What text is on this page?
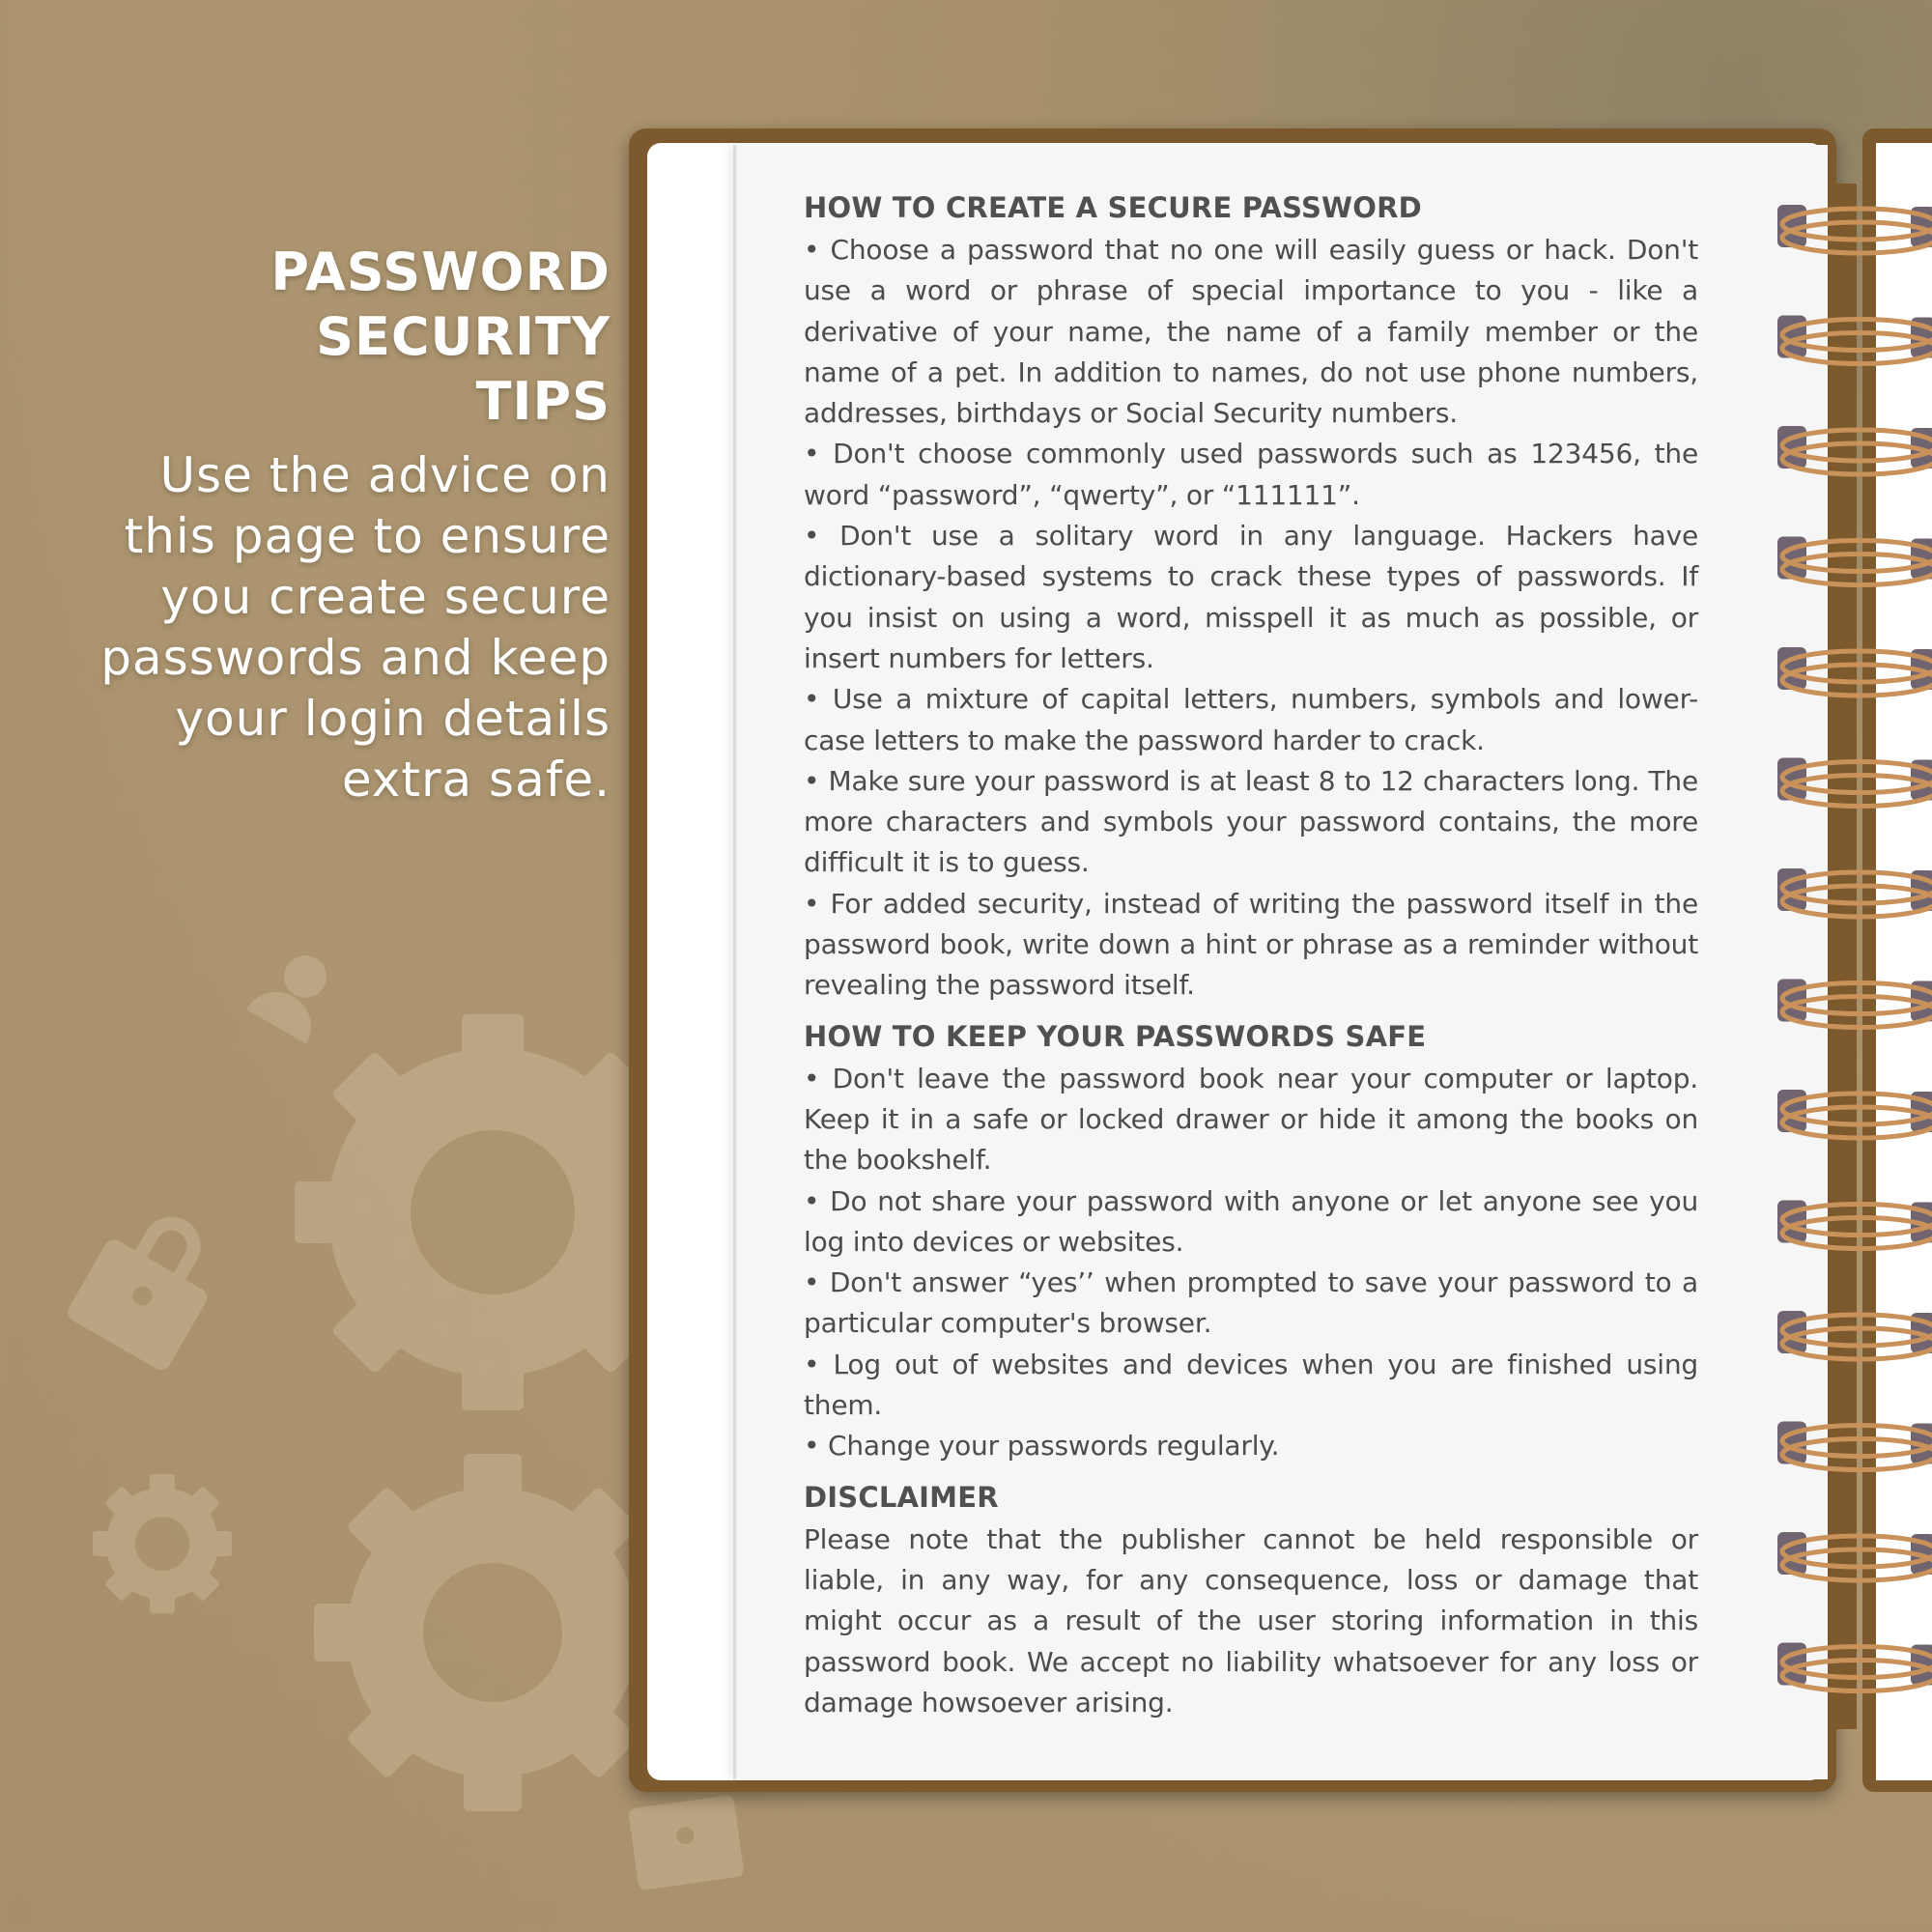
PASSWORD
SECURITY
TIPS
Use the advice on
this page to ensure
you create secure
passwords and keep
your login details
extra safe.
HOW TO CREATE A SECURE PASSWORD
• Choose a password that no one will easily guess or hack. Don't use a word or phrase of special importance to you - like a derivative of your name, the name of a family member or the name of a pet. In addition to names, do not use phone numbers, addresses, birthdays or Social Security numbers.
• Don't choose commonly used passwords such as 123456, the word “password”, “qwerty”, or “111111”.
• Don't use a solitary word in any language. Hackers have dictionary-based systems to crack these types of passwords. If you insist on using a word, misspell it as much as possible, or insert numbers for letters.
• Use a mixture of capital letters, numbers, symbols and lower-case letters to make the password harder to crack.
• Make sure your password is at least 8 to 12 characters long. The more characters and symbols your password contains, the more difficult it is to guess.
• For added security, instead of writing the password itself in the password book, write down a hint or phrase as a reminder without revealing the password itself.
HOW TO KEEP YOUR PASSWORDS SAFE
• Don't leave the password book near your computer or laptop. Keep it in a safe or locked drawer or hide it among the books on the bookshelf.
• Do not share your password with anyone or let anyone see you log into devices or websites.
• Don't answer “yes’’ when prompted to save your password to a particular computer's browser.
• Log out of websites and devices when you are finished using them.
• Change your passwords regularly.
DISCLAIMER
Please note that the publisher cannot be held responsible or liable, in any way, for any consequence, loss or damage that might occur as a result of the user storing information in this password book. We accept no liability whatsoever for any loss or damage howsoever arising.
